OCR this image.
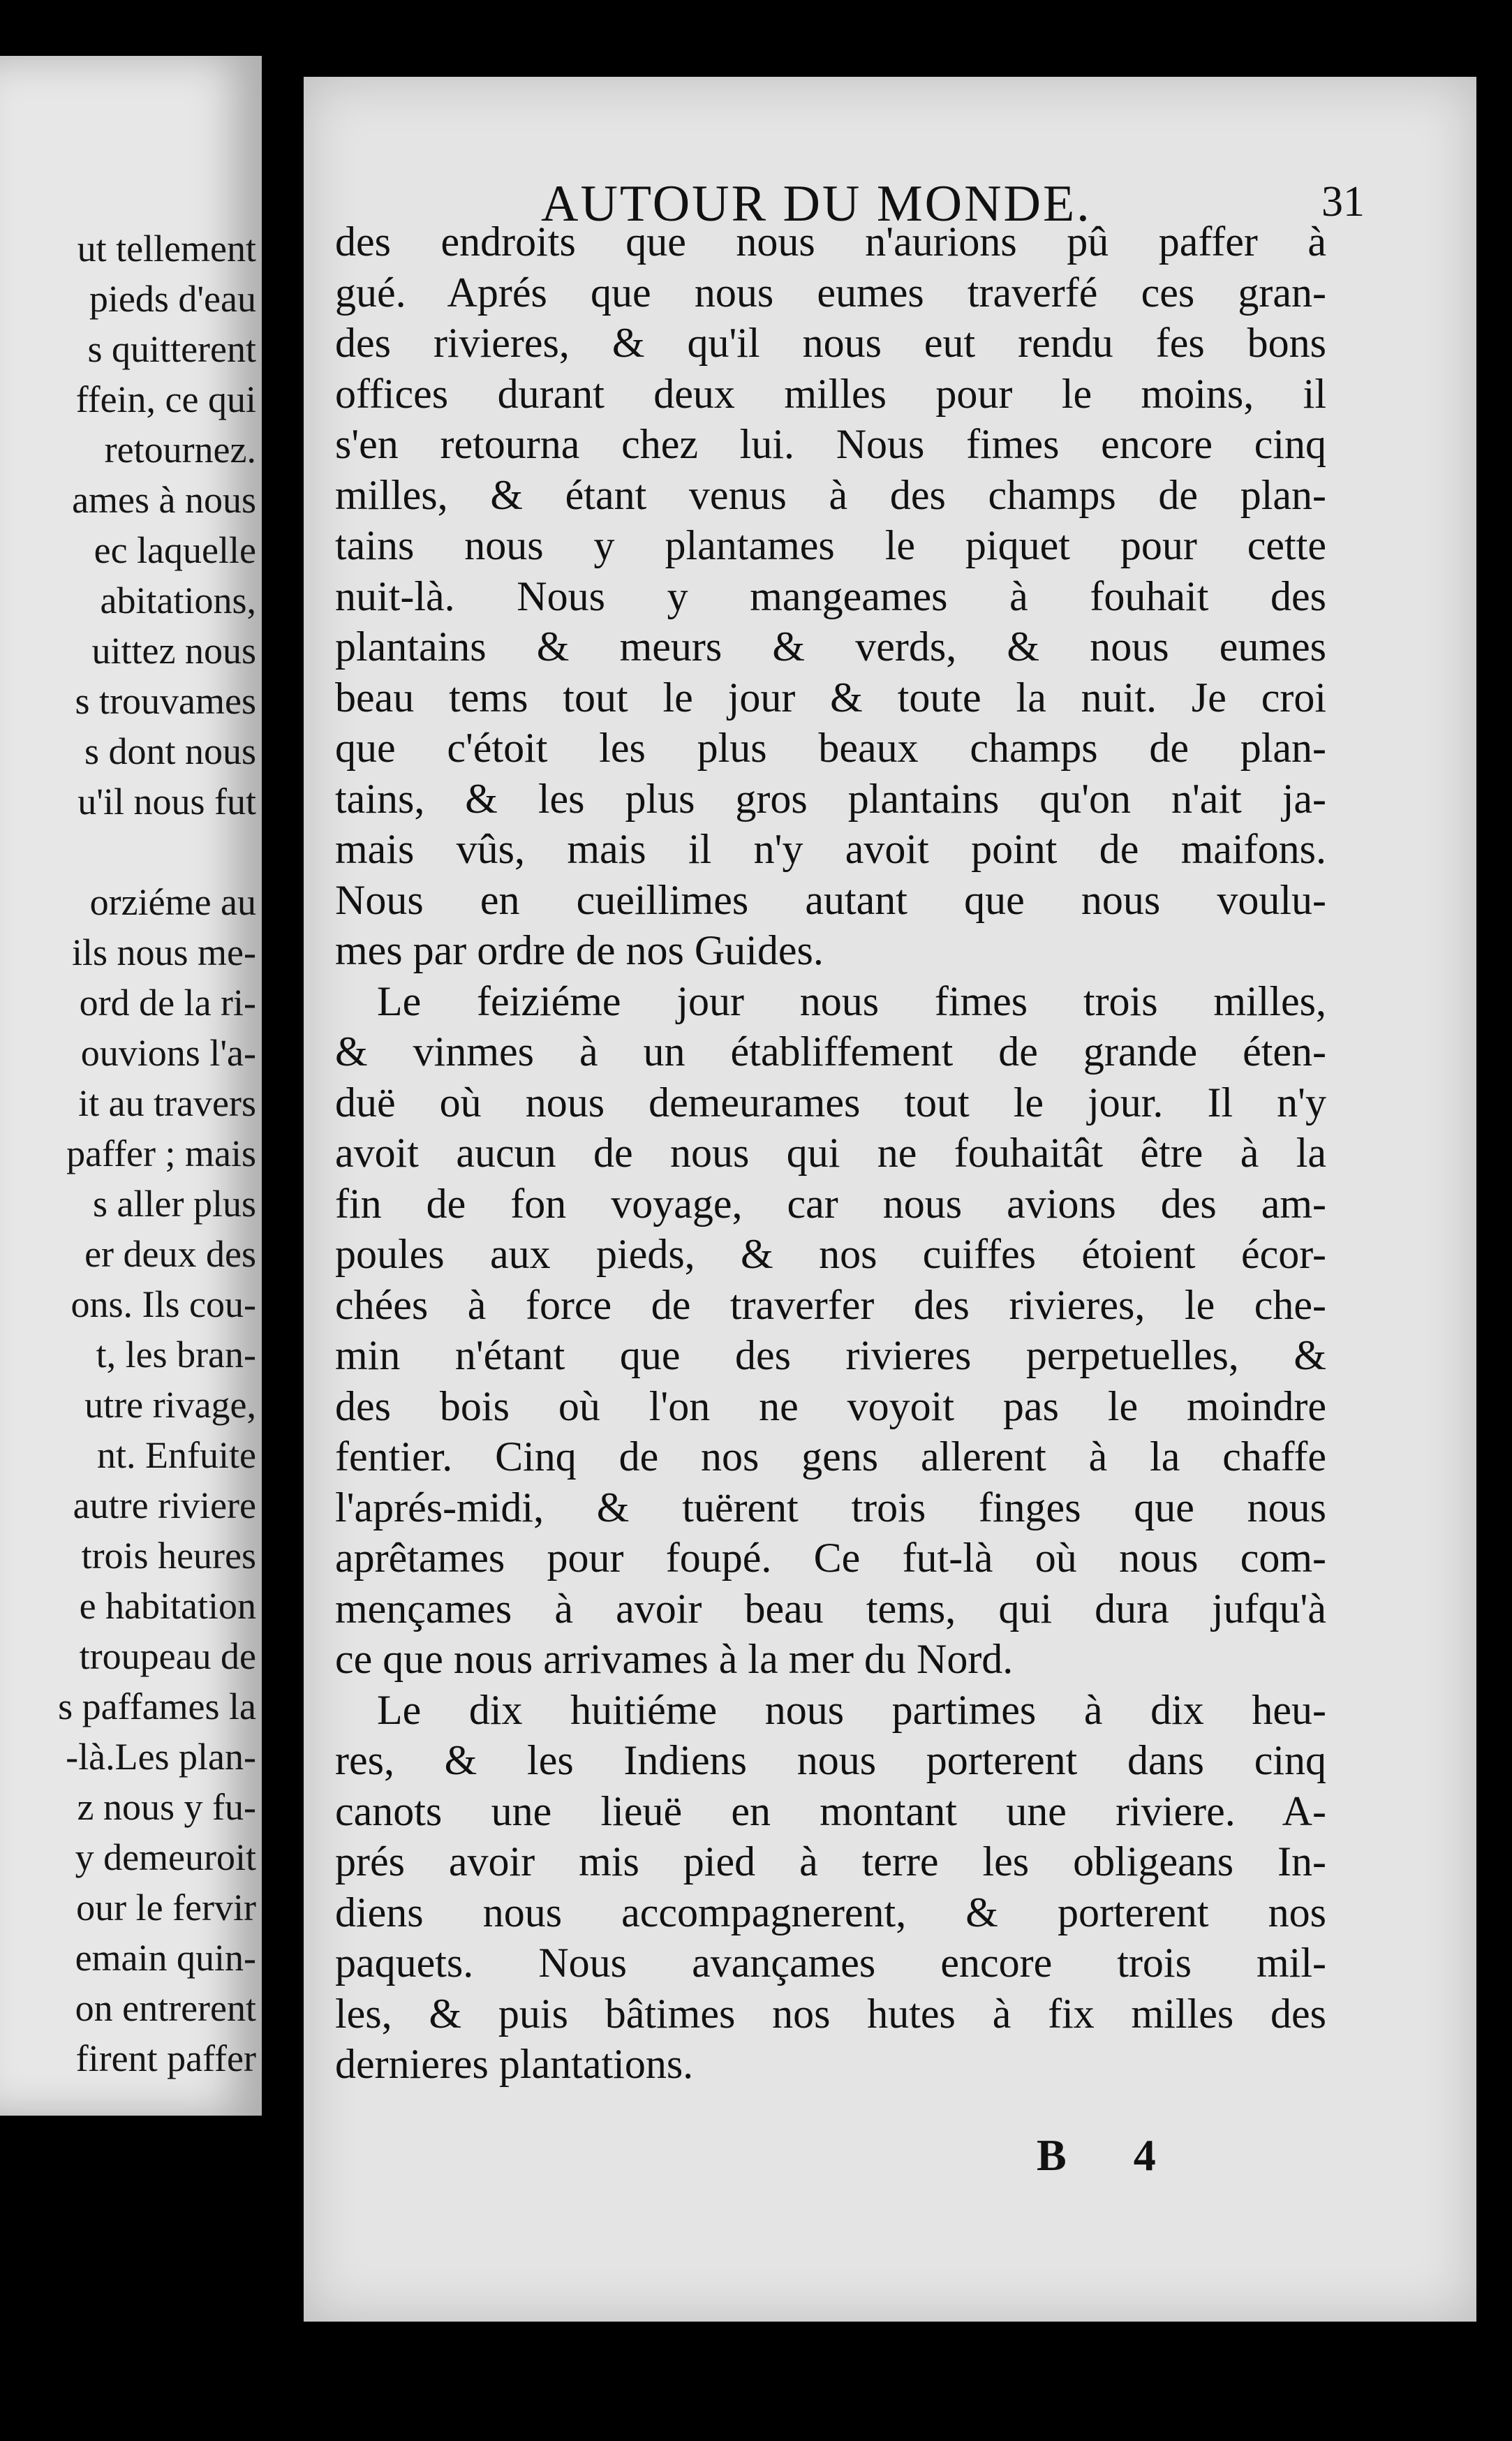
ut tellement
pieds d'eau
s quitterent
ffein, ce qui
retournez.
ames à nous
ec laquelle
abitations,
uittez nous
s trouvames
s dont nous
u'il nous fut
orziéme au
ils nous me-
ord de la ri-
ouvions l'a-
it au travers
paffer ; mais
s aller plus
er deux des
ons. Ils cou-
t, les bran-
utre rivage,
nt. Enfuite
autre riviere
trois heures
e habitation
troupeau de
s paffames la
-là.Les plan-
z nous y fu-
y demeuroit
our le fervir
emain quin-
on entrerent
firent paffer
AUTOUR DU MONDE.	31
des endroits que nous n'aurions pû paffer à
gué. Aprés que nous eumes traverfé ces gran-
des rivieres, & qu'il nous eut rendu fes bons
offices durant deux milles pour le moins, il
s'en retourna chez lui. Nous fimes encore cinq
milles, & étant venus à des champs de plan-
tains nous y plantames le piquet pour cette
nuit-là. Nous y mangeames à fouhait des
plantains & meurs & verds, & nous eumes
beau tems tout le jour & toute la nuit. Je croi
que c'étoit les plus beaux champs de plan-
tains, & les plus gros plantains qu'on n'ait ja-
mais vûs, mais il n'y avoit point de maifons.
Nous en cueillimes autant que nous voulu-
mes par ordre de nos Guides.
Le feiziéme jour nous fimes trois milles,
& vinmes à un établiffement de grande éten-
duë où nous demeurames tout le jour. Il n'y
avoit aucun de nous qui ne fouhaitât être à la
fin de fon voyage, car nous avions des am-
poules aux pieds, & nos cuiffes étoient écor-
chées à force de traverfer des rivieres, le che-
min n'étant que des rivieres perpetuelles, &
des bois où l'on ne voyoit pas le moindre
fentier. Cinq de nos gens allerent à la chaffe
l'aprés-midi, & tuërent trois finges que nous
aprêtames pour foupé. Ce fut-là où nous com-
mençames à avoir beau tems, qui dura jufqu'à
ce que nous arrivames à la mer du Nord.
Le dix huitiéme nous partimes à dix heu-
res, & les Indiens nous porterent dans cinq
canots une lieuë en montant une riviere. A-
prés avoir mis pied à terre les obligeans In-
diens nous accompagnerent, & porterent nos
paquets. Nous avançames encore trois mil-
les, & puis bâtimes nos hutes à fix milles des
dernieres plantations.
B 4
